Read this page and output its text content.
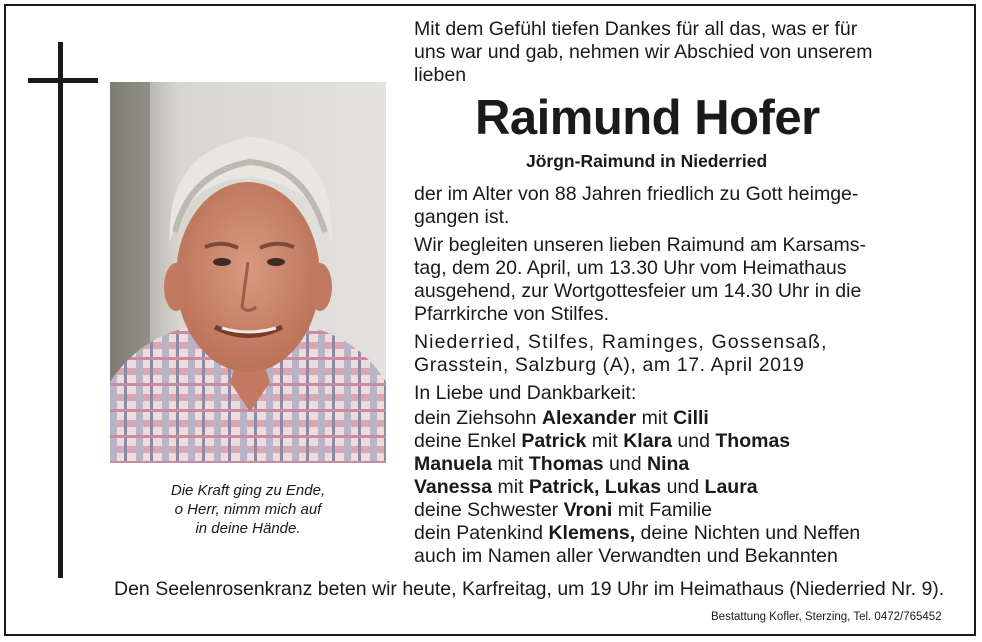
Die Kraft ging zu Ende,
o Herr, nimm mich auf
in deine Hände.
Mit dem Gefühl tiefen Dankes für all das, was er für
uns war und gab, nehmen wir Abschied von unserem
lieben
Raimund Hofer
Jörgn-Raimund in Niederried
der im Alter von 88 Jahren friedlich zu Gott heimge-
gangen ist.
Wir begleiten unseren lieben Raimund am Karsams-
tag, dem 20. April, um 13.30 Uhr vom Heimathaus
ausgehend, zur Wortgottesfeier um 14.30 Uhr in die
Pfarrkirche von Stilfes.
Niederried, Stilfes, Raminges, Gossensaß,
Grasstein, Salzburg (A), am 17. April 2019
In Liebe und Dankbarkeit:
dein Ziehsohn Alexander mit Cilli
deine Enkel Patrick mit Klara und Thomas
Manuela mit Thomas und Nina
Vanessa mit Patrick, Lukas und Laura
deine Schwester Vroni mit Familie
dein Patenkind Klemens, deine Nichten und Neffen
auch im Namen aller Verwandten und Bekannten
Den Seelenrosenkranz beten wir heute, Karfreitag, um 19 Uhr im Heimathaus (Niederried Nr. 9).
Bestattung Kofler, Sterzing, Tel. 0472/765452
